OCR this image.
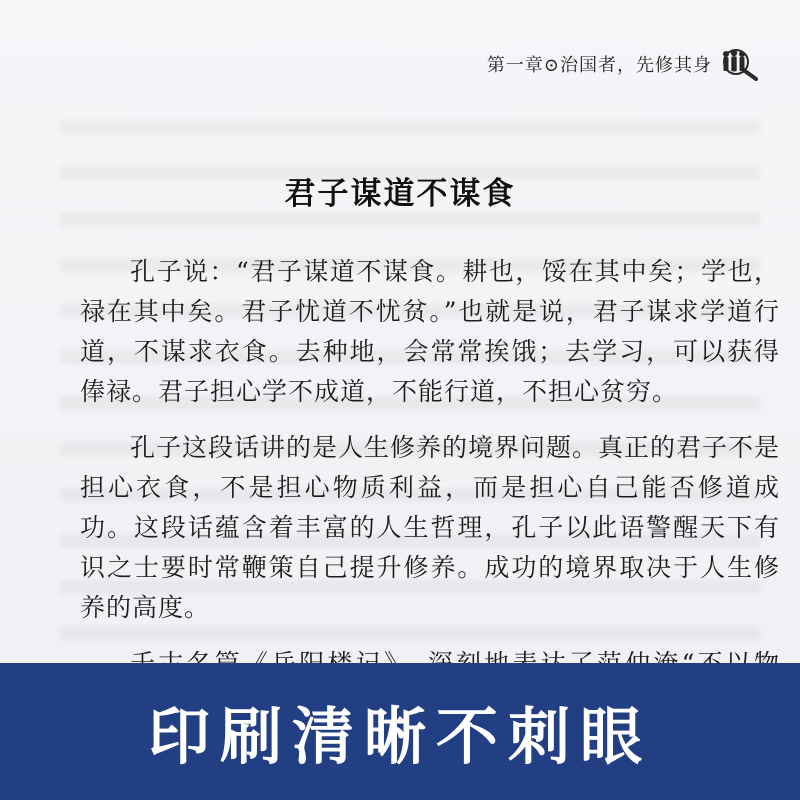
第一章⊙治国者，先修其身
君子谋道不谋食

孔子说：“君子谋道不谋食。耕也，馁在其中矣；学也，禄在其中矣。君子忧道不忧贫。”也就是说，君子谋求学道行道，不谋求衣食。去种地，会常常挨饿；去学习，可以获得俸禄。君子担心学不成道，不能行道，不担心贫穷。

孔子这段话讲的是人生修养的境界问题。真正的君子不是担心衣食，不是担心物质利益，而是担心自己能否修道成功。这段话蕴含着丰富的人生哲理，孔子以此语警醒天下有识之士要时常鞭策自己提升修养。成功的境界取决于人生修养的高度。

印刷清晰不刺眼
